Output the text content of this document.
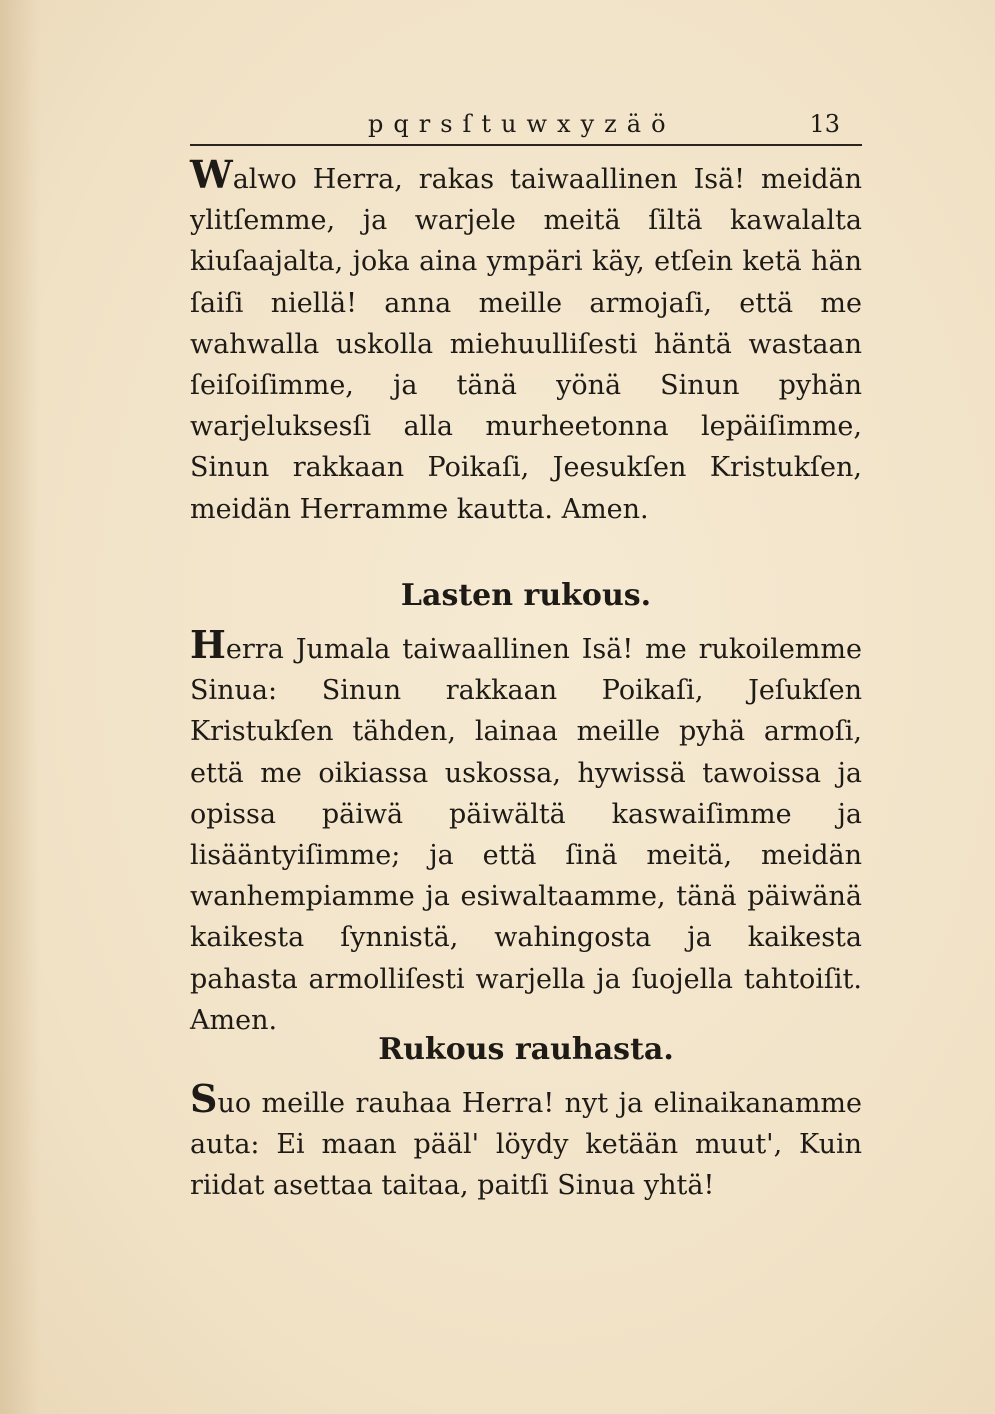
pqrsſtuwxyzäö	13

Walwo Herra, rakas taiwaallinen Isä! meidän ylitſemme, ja warjele meitä ſiltä kawalalta kiuſaajalta, joka aina ympäri käy, etſein ketä hän ſaiſi niellä! anna meille armojaſi, että me wahwalla uskolla miehuulliſesti häntä wastaan ſeiſoiſimme, ja tänä yönä Sinun pyhän warjeluksesſi alla murheetonna lepäiſimme, Sinun rakkaan Poikaſi, Jeesukſen Kristukſen, meidän Herramme kautta. Amen.

Lasten rukous.

Herra Jumala taiwaallinen Isä! me rukoilemme Sinua: Sinun rakkaan Poikaſi, Jeſukſen Kristukſen tähden, lainaa meille pyhä armoſi, että me oikiassa uskossa, hywissä tawoissa ja opissa päiwä päiwältä kaswaiſimme ja lisääntyiſimme; ja että ſinä meitä, meidän wanhempiamme ja esiwaltaamme, tänä päiwänä kaikesta ſynnistä, wahingosta ja kaikesta pahasta armolliſesti warjella ja ſuojella tahtoiſit. Amen.

Rukous rauhasta.

Suo meille rauhaa Herra! nyt ja elinaikanamme auta: Ei maan pääl' löydy ketään muut', Kuin riidat asettaa taitaa, paitſi Sinua yhtä!
